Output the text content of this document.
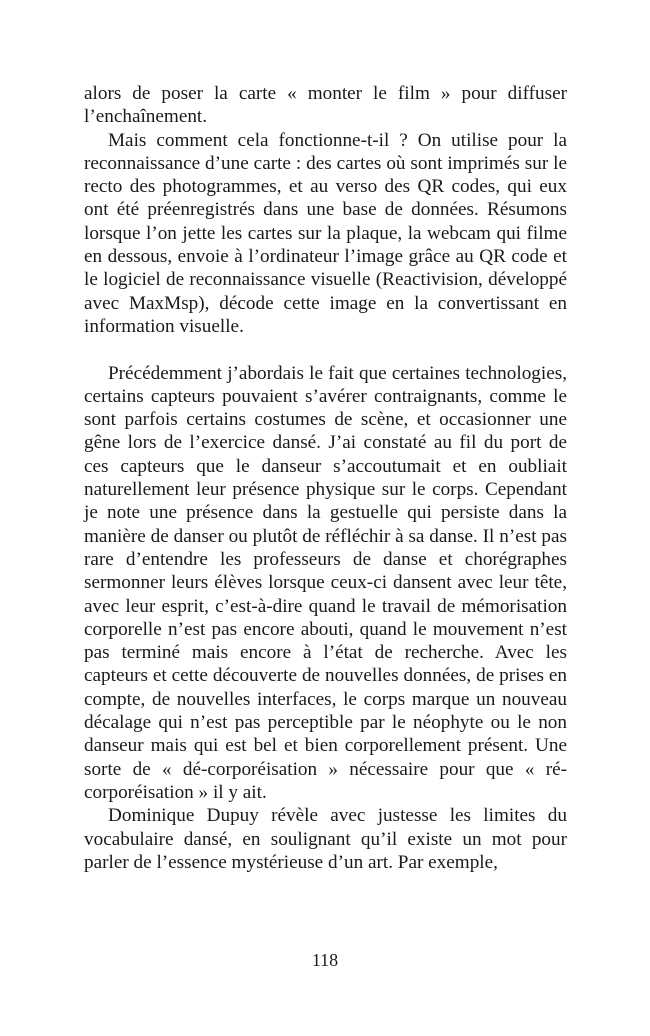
alors de poser la carte « monter le film » pour diffuser l’enchaînement.

Mais comment cela fonctionne-t-il ? On utilise pour la reconnaissance d’une carte : des cartes où sont imprimés sur le recto des photogrammes, et au verso des QR codes, qui eux ont été préenregistrés dans une base de données. Résumons lorsque l’on jette les cartes sur la plaque, la webcam qui filme en dessous, envoie à l’ordinateur l’image grâce au QR code et le logiciel de reconnaissance visuelle (Reactivision, développé avec MaxMsp), décode cette image en la convertissant en information visuelle.

Précédemment j’abordais le fait que certaines technologies, certains capteurs pouvaient s’avérer contraignants, comme le sont parfois certains costumes de scène, et occasionner une gêne lors de l’exercice dansé. J’ai constaté au fil du port de ces capteurs que le danseur s’accoutumait et en oubliait naturellement leur présence physique sur le corps. Cependant je note une présence dans la gestuelle qui persiste dans la manière de danser ou plutôt de réfléchir à sa danse. Il n’est pas rare d’entendre les professeurs de danse et chorégraphes sermonner leurs élèves lorsque ceux-ci dansent avec leur tête, avec leur esprit, c’est-à-dire quand le travail de mémorisation corporelle n’est pas encore abouti, quand le mouvement n’est pas terminé mais encore à l’état de recherche. Avec les capteurs et cette découverte de nouvelles données, de prises en compte, de nouvelles interfaces, le corps marque un nouveau décalage qui n’est pas perceptible par le néophyte ou le non danseur mais qui est bel et bien corporellement présent. Une sorte de « dé-corporéisation » nécessaire pour que « ré-corporéisation » il y ait.

Dominique Dupuy révèle avec justesse les limites du vocabulaire dansé, en soulignant qu’il existe un mot pour parler de l’essence mystérieuse d’un art. Par exemple,

118
